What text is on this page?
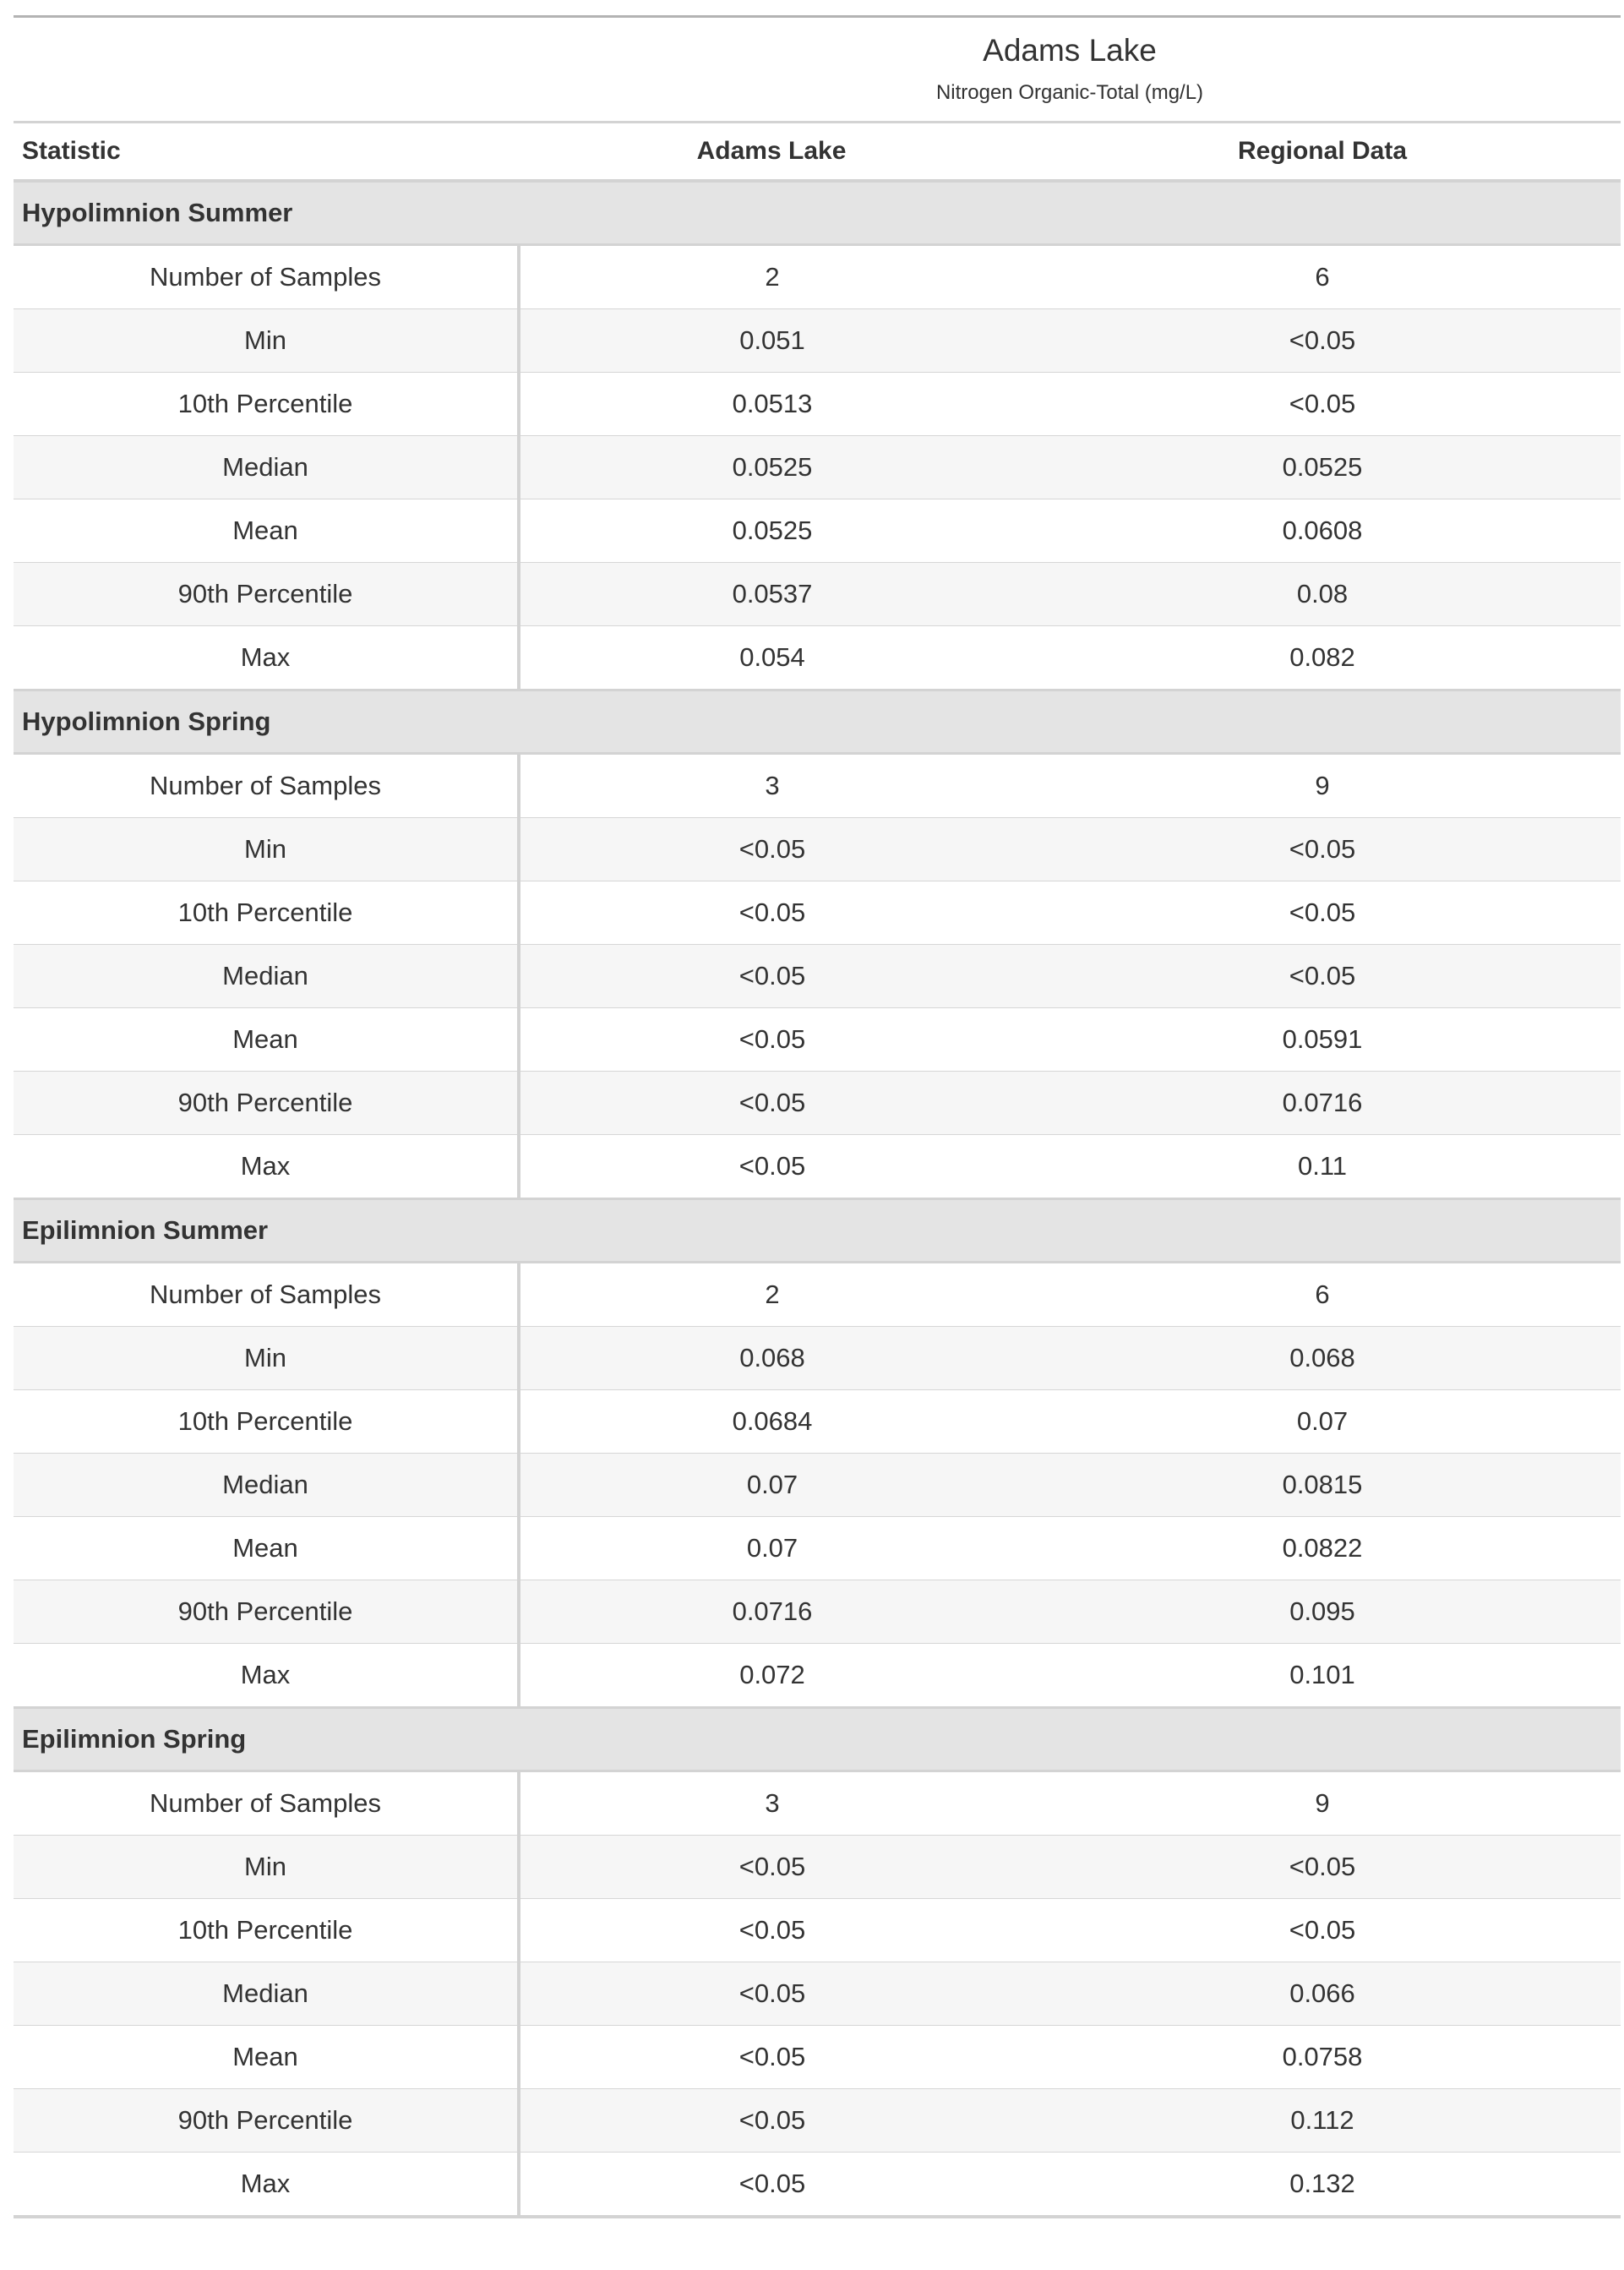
Adams Lake
Nitrogen Organic-Total (mg/L)
Statistic	Adams Lake	Regional Data
Hypolimnion Summer		
Number of Samples	2	6
Min	0.051	<0.05
10th Percentile	0.0513	<0.05
Median	0.0525	0.0525
Mean	0.0525	0.0608
90th Percentile	0.0537	0.08
Max	0.054	0.082
Hypolimnion Spring		
Number of Samples	3	9
Min	<0.05	<0.05
10th Percentile	<0.05	<0.05
Median	<0.05	<0.05
Mean	<0.05	0.0591
90th Percentile	<0.05	0.0716
Max	<0.05	0.11
Epilimnion Summer		
Number of Samples	2	6
Min	0.068	0.068
10th Percentile	0.0684	0.07
Median	0.07	0.0815
Mean	0.07	0.0822
90th Percentile	0.0716	0.095
Max	0.072	0.101
Epilimnion Spring		
Number of Samples	3	9
Min	<0.05	<0.05
10th Percentile	<0.05	<0.05
Median	<0.05	0.066
Mean	<0.05	0.0758
90th Percentile	<0.05	0.112
Max	<0.05	0.132
